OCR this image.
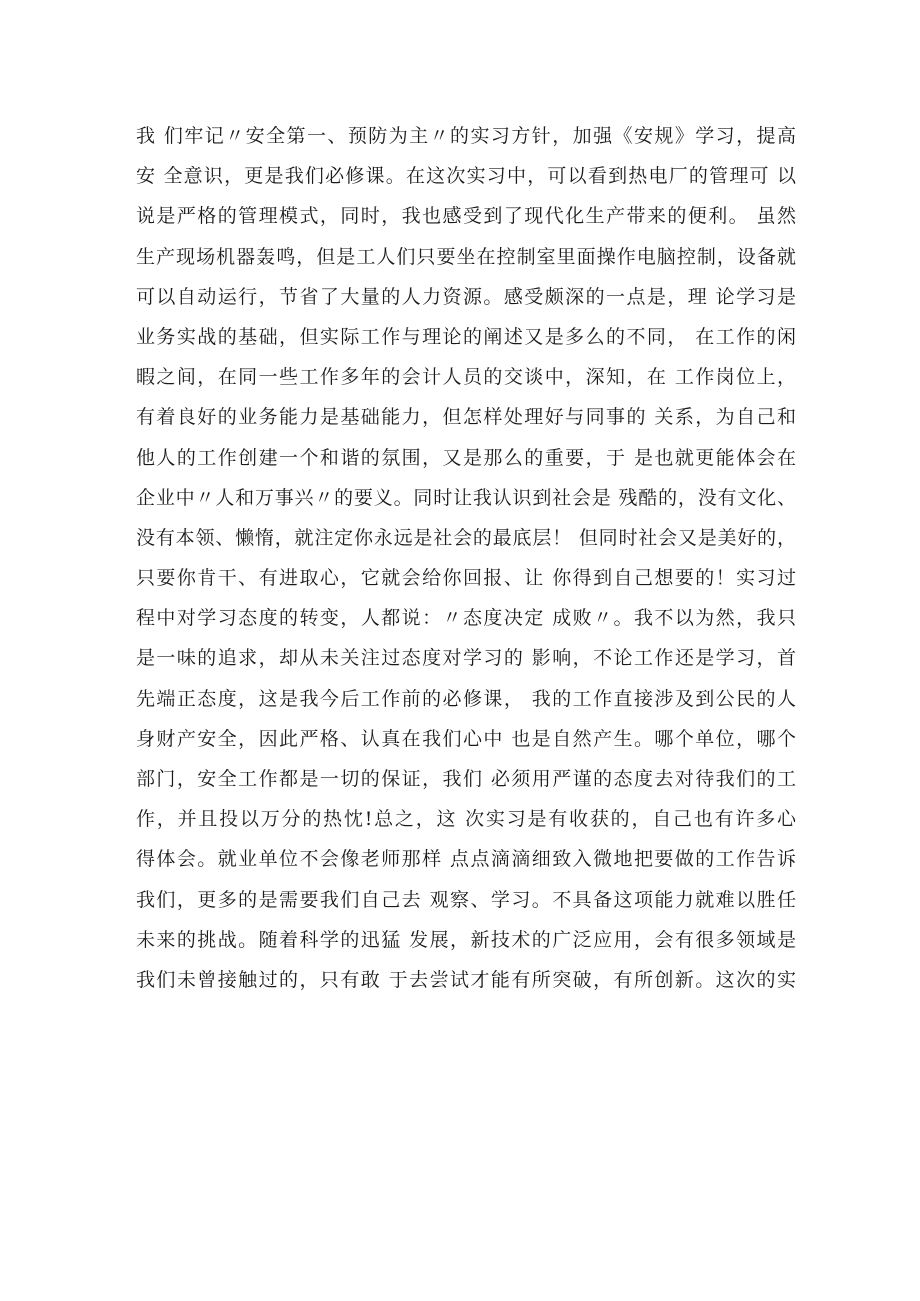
我 们牢记〃安全第一、预防为主〃的实习方针，加强《安规》学习，提高
安 全意识，更是我们必修课。在这次实习中，可以看到热电厂的管理可 以
说是严格的管理模式，同时，我也感受到了现代化生产带来的便利。 虽然
生产现场机器轰鸣，但是工人们只要坐在控制室里面操作电脑控制，设备就
可以自动运行，节省了大量的人力资源。感受颇深的一点是，理 论学习是
业务实战的基础，但实际工作与理论的阐述又是多么的不同， 在工作的闲
暇之间，在同一些工作多年的会计人员的交谈中，深知，在 工作岗位上，
有着良好的业务能力是基础能力，但怎样处理好与同事的 关系，为自己和
他人的工作创建一个和谐的氛围，又是那么的重要，于 是也就更能体会在
企业中〃人和万事兴〃的要义。同时让我认识到社会是 残酷的，没有文化、
没有本领、懒惰，就注定你永远是社会的最底层！ 但同时社会又是美好的，
只要你肯干、有进取心，它就会给你回报、让 你得到自己想要的！实习过
程中对学习态度的转变，人都说：〃态度决定 成败〃。我不以为然，我只
是一味的追求，却从未关注过态度对学习的 影响，不论工作还是学习，首
先端正态度，这是我今后工作前的必修课， 我的工作直接涉及到公民的人
身财产安全，因此严格、认真在我们心中 也是自然产生。哪个单位，哪个
部门，安全工作都是一切的保证，我们 必须用严谨的态度去对待我们的工
作，并且投以万分的热忱!总之，这 次实习是有收获的，自己也有许多心
得体会。就业单位不会像老师那样 点点滴滴细致入微地把要做的工作告诉
我们，更多的是需要我们自己去 观察、学习。不具备这项能力就难以胜任
未来的挑战。随着科学的迅猛 发展，新技术的广泛应用，会有很多领域是
我们未曾接触过的，只有敢 于去尝试才能有所突破，有所创新。这次的实
